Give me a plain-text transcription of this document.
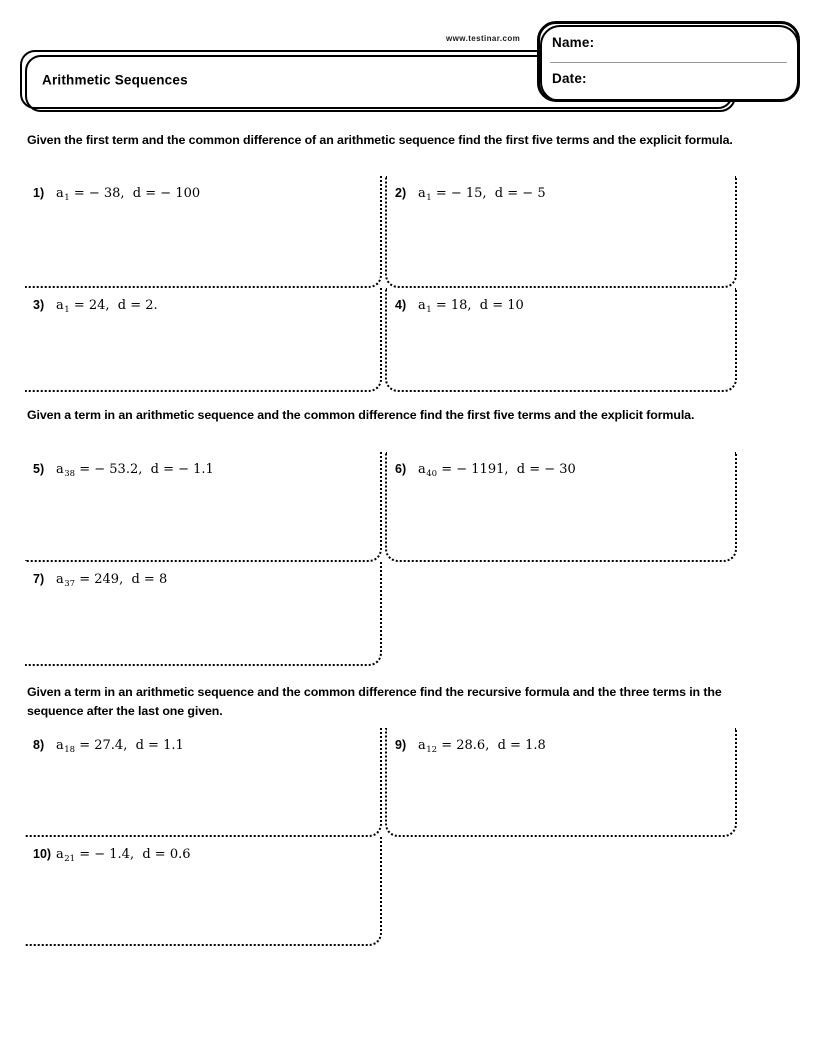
www.testinar.com
Arithmetic Sequences
Name:
Date:
Given the first term and the common difference of an arithmetic sequence find the first five terms and the explicit formula.
1) $a_1$ = − 38,  d = − 100	2) $a_1$ = − 15,  d = − 5
3) $a_1 = 24$,  d = 2.	4) $a_1 = 18$,  d = 10
Given a term in an arithmetic sequence and the common difference find the first five terms and the explicit formula.
5) $a_{38}$ = − 53.2,  d = − 1.1	6) $a_{40}$ = − 1191,  d = − 30
7) $a_{37} = 249$,  d = 8
Given a term in an arithmetic sequence and the common difference find the recursive formula and the three terms in the sequence after the last one given.
8) $a_{18} = 27.4$,  d = 1.1	9) $a_{12} = 28.6$,  d = 1.8
10) $a_{21}$ = − 1.4,  d = 0.6
